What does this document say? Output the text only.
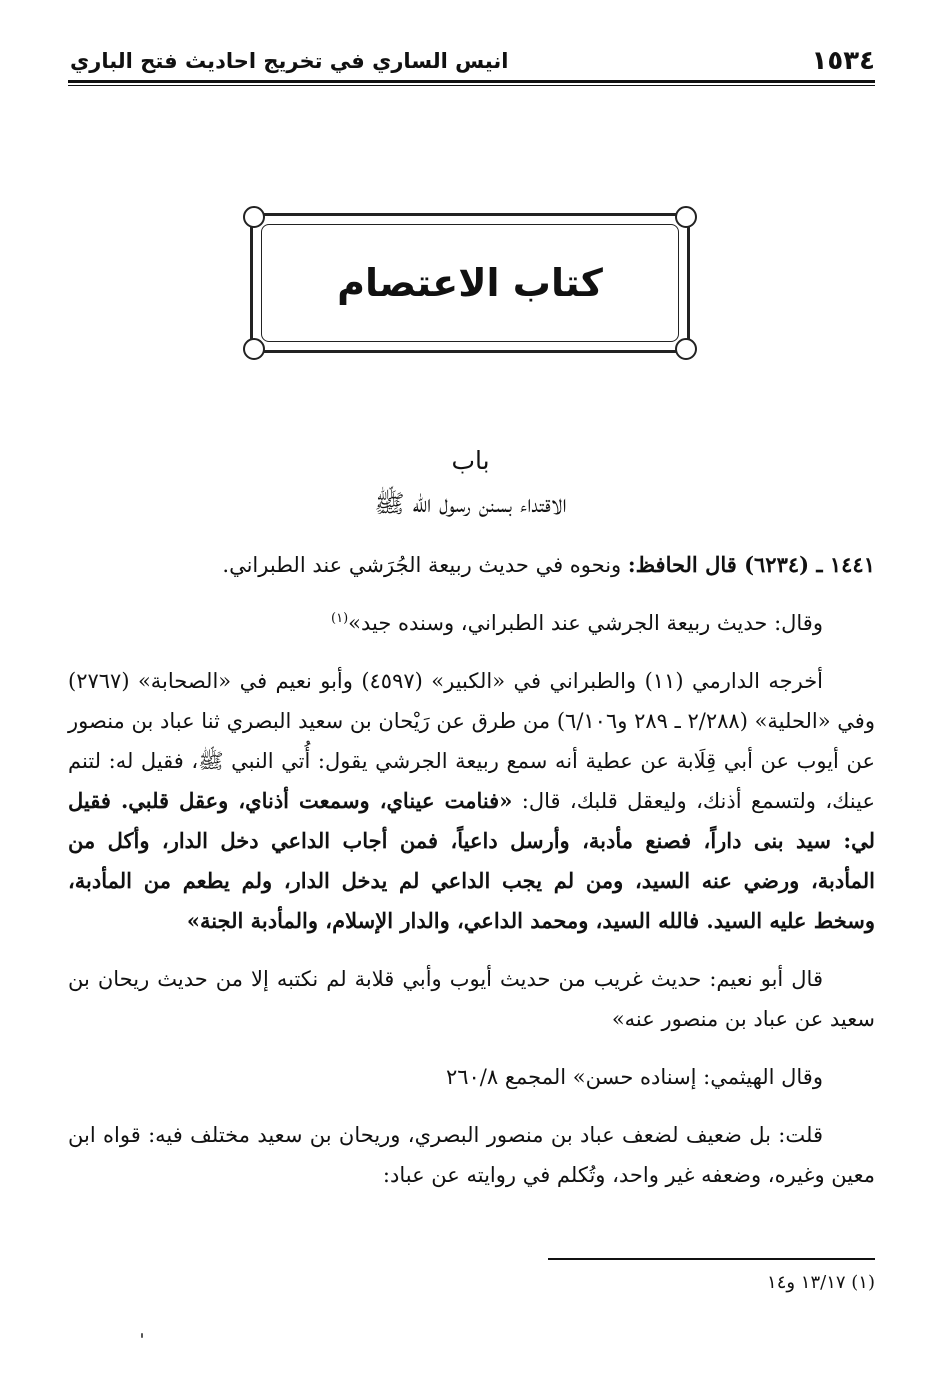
١٥٣٤
انيس الساري في تخريج احاديث فتح الباري
كتاب الاعتصام
باب
الاقتداء بسنن رسول الله ﷺ

١٤٤١ ـ (٦٢٣٤) قال الحافظ: ونحوه في حديث ربيعة الجُرَشي عند الطبراني.

وقال: حديث ربيعة الجرشي عند الطبراني، وسنده جيد»$^{(١)}$

أخرجه الدارمي (١١) والطبراني في «الكبير» (٤٥٩٧) وأبو نعيم في «الصحابة» (٢٧٦٧) وفي «الحلية» (٢/٢٨٨ ـ ٢٨٩ و٦/١٠٦) من طرق عن رَيْحان بن سعيد البصري ثنا عباد بن منصور عن أيوب عن أبي قِلَابة عن عطية أنه سمع ربيعة الجرشي يقول: أُتي النبي ﷺ، فقيل له: لتنم عينك، ولتسمع أذنك، وليعقل قلبك، قال: «فنامت عيناي، وسمعت أذناي، وعقل قلبي. فقيل لي: سيد بنى داراً، فصنع مأدبة، وأرسل داعياً، فمن أجاب الداعي دخل الدار، وأكل من المأدبة، ورضي عنه السيد، ومن لم يجب الداعي لم يدخل الدار، ولم يطعم من المأدبة، وسخط عليه السيد. فالله السيد، ومحمد الداعي، والدار الإسلام، والمأدبة الجنة»

قال أبو نعيم: حديث غريب من حديث أيوب وأبي قلابة لم نكتبه إلا من حديث ريحان بن سعيد عن عباد بن منصور عنه»

وقال الهيثمي: إسناده حسن» المجمع ٢٦٠/٨

قلت: بل ضعيف لضعف عباد بن منصور البصري، وريحان بن سعيد مختلف فيه: قواه ابن معين وغيره، وضعفه غير واحد، وتُكلم في روايته عن عباد:

(١) ١٣/١٧ و١٤
